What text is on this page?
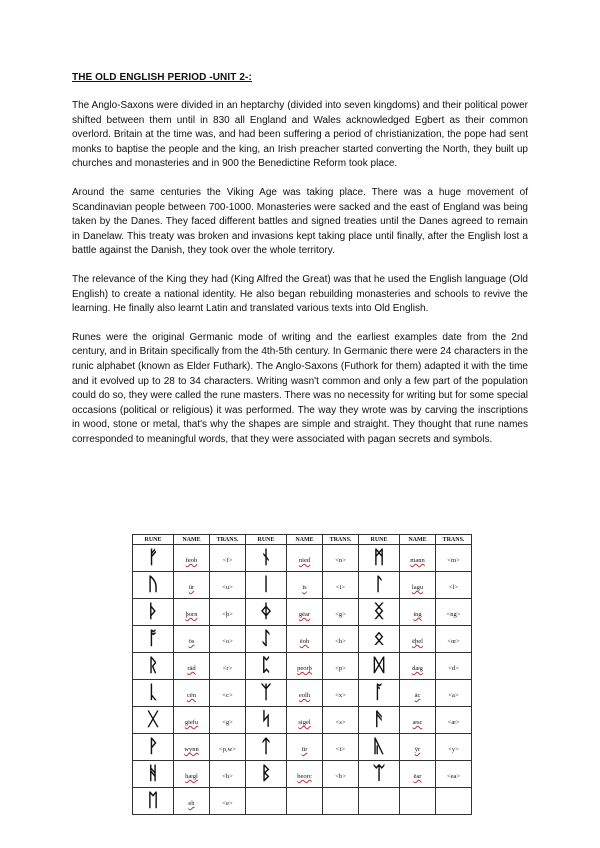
THE OLD ENGLISH PERIOD -UNIT 2-:

The Anglo-Saxons were divided in an heptarchy (divided into seven kingdoms) and their political power shifted between them until in 830 all England and Wales acknowledged Egbert as their common overlord. Britain at the time was, and had been suffering a period of christianization, the pope had sent monks to baptise the people and the king, an Irish preacher started converting the North, they built up churches and monasteries and in 900 the Benedictine Reform took place.

Around the same centuries the Viking Age was taking place. There was a huge movement of Scandinavian people between 700-1000. Monasteries were sacked and the east of England was being taken by the Danes. They faced different battles and signed treaties until the Danes agreed to remain in Danelaw. This treaty was broken and invasions kept taking place until finally, after the English lost a battle against the Danish, they took over the whole territory.

The relevance of the King they had (King Alfred the Great) was that he used the English language (Old English) to create a national identity. He also began rebuilding monasteries and schools to revive the learning. He finally also learnt Latin and translated various texts into Old English.

Runes were the original Germanic mode of writing and the earliest examples date from the 2nd century, and in Britain specifically from the 4th-5th century. In Germanic there were 24 characters in the runic alphabet (known as Elder Futhark). The Anglo-Saxons (Futhork for them) adapted it with the time and it evolved up to 28 to 34 characters. Writing wasn't common and only a few part of the population could do so, they were called the rune masters. There was no necessity for writing but for some special occasions (political or religious) it was performed. The way they wrote was by carving the inscriptions in wood, stone or metal, that's why the shapes are simple and straight. They thought that rune names corresponded to meaningful words, that they were associated with pagan secrets and symbols.

RUNE	NAME	TRANS.	RUNE	NAME	TRANS.	RUNE	NAME	TRANS.
ᚠ	feoh	<f>	ᚾ	nied	<n>	ᛗ	mann	<m>
ᚢ	ūr	<u>	ᛁ	īs	<i>	ᛚ	lagu	<l>
ᚦ	þorn	<þ>	ᛄ	gēar	<g>	ᛝ	ing	<ng>
ᚩ	ōs	<o>	ᛇ	ēoh	<h>	ᛟ	ēþel	<œ>
ᚱ	rād	<r>	ᛈ	peorþ	<p>	ᛞ	dæg	<d>
ᚳ	cēn	<c>	ᛉ	eolh	<x>	ᚪ	āc	<a>
ᚷ	giefu	<g>	ᛋ	sigel	<s>	ᚫ	æsc	<æ>
ᚹ	wynn	<p,w>	ᛏ	tīr	<t>	ᚣ	ȳr	<y>
ᚻ	hægl	<h>	ᛒ	beorc	<b>	ᛠ	ēar	<ea>
ᛖ	eh	<e>						
